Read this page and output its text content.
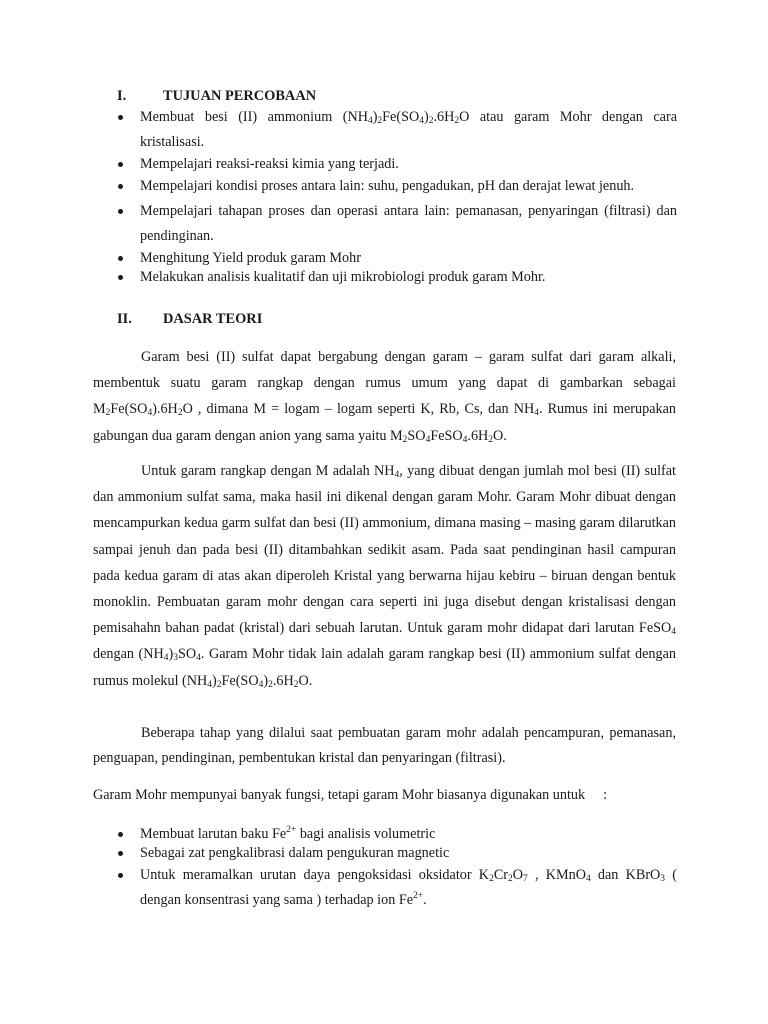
I.	TUJUAN PERCOBAAN
Membuat besi (II) ammonium $(NH_4)_2Fe(SO_4)_2.6H_2O$ atau garam Mohr dengan cara kristalisasi.
Mempelajari reaksi-reaksi kimia yang terjadi.
Mempelajari kondisi proses antara lain: suhu, pengadukan, pH dan derajat lewat jenuh.
Mempelajari tahapan proses dan operasi antara lain: pemanasan, penyaringan (filtrasi) dan pendinginan.
Menghitung Yield produk garam Mohr
Melakukan analisis kualitatif dan uji mikrobiologi produk garam Mohr.
II. DASAR TEORI

Garam besi (II) sulfat dapat bergabung dengan garam – garam sulfat dari garam alkali, membentuk suatu garam rangkap dengan rumus umum yang dapat di gambarkan sebagai $M_2Fe(SO_4).6H_2O$ , dimana M = logam – logam seperti K, Rb, Cs, dan $NH_4$. Rumus ini merupakan gabungan dua garam dengan anion yang sama yaitu $M_2SO_4FeSO_4.6H_2O$.

Untuk garam rangkap dengan M adalah $NH_4$, yang dibuat dengan jumlah mol besi (II) sulfat dan ammonium sulfat sama, maka hasil ini dikenal dengan garam Mohr. Garam Mohr dibuat dengan mencampurkan kedua garm sulfat dan besi (II) ammonium, dimana masing – masing garam dilarutkan sampai jenuh dan pada besi (II) ditambahkan sedikit asam. Pada saat pendinginan hasil campuran pada kedua garam di atas akan diperoleh Kristal yang berwarna hijau kebiru – biruan dengan bentuk monoklin. Pembuatan garam mohr dengan cara seperti ini juga disebut dengan kristalisasi dengan pemisahahn bahan padat (kristal) dari sebuah larutan. Untuk garam mohr didapat dari larutan FeSO$_4$ dengan $(NH_4)_3SO_4$. Garam Mohr tidak lain adalah garam rangkap besi (II) ammonium sulfat dengan rumus molekul $(NH_4)_2Fe(SO_4)_2.6H_2O$.

Beberapa tahap yang dilalui saat pembuatan garam mohr adalah pencampuran, pemanasan, penguapan, pendinginan, pembentukan kristal dan penyaringan (filtrasi).

Garam Mohr mempunyai banyak fungsi, tetapi garam Mohr biasanya digunakan untuk :

Membuat larutan baku $Fe^{2+}$ bagi analisis volumetric
Sebagai zat pengkalibrasi dalam pengukuran magnetic
Untuk meramalkan urutan daya pengoksidasi oksidator $K_2Cr_2O_7$ , KMnO$_4$ dan KBrO$_3$ ( dengan konsentrasi yang sama ) terhadap ion $Fe^{2+}$.
